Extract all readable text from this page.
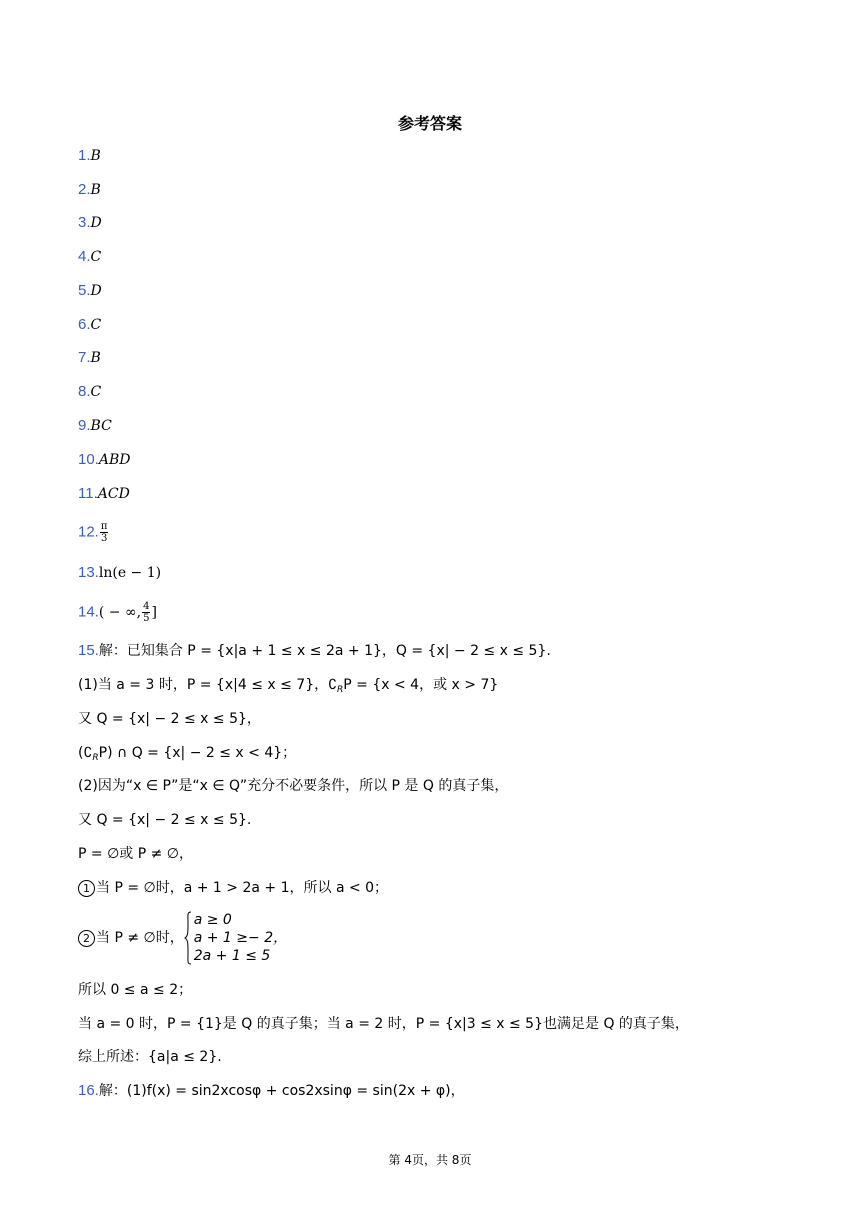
参考答案
1.B
2.B
3.D
4.C
5.D
6.C
7.B
8.C
9.BC
10.ABD
11.ACD
12. $\frac{\pi}{3}$
13.ln(e − 1)
14.( − ∞, $\frac{4}{5}$ ]
15.解：已知集合 P = {x|a + 1 ≤ x ≤ 2a + 1}，Q = {x| − 2 ≤ x ≤ 5}.
(1)当 a = 3 时，P = {x|4 ≤ x ≤ 7}，$∁_RP = \{x < 4$，或 x > 7}
又 Q = {x| − 2 ≤ x ≤ 5}，
$(∁_RP)$ ∩ Q = {x| − 2 ≤ x < 4}；
(2)因为“x ∈ P”是“x ∈ Q”充分不必要条件，所以 P 是 Q 的真子集，
又 Q = {x| − 2 ≤ x ≤ 5}.
P = ∅或 P ≠ ∅，
1 当 P = ∅时，a + 1 > 2a + 1，所以 a < 0；
2 当 P ≠ ∅时，
a ≥ 0
a + 1 ≥− 2，
2a + 1 ≤ 5
所以 0 ≤ a ≤ 2；
当 a = 0 时，P = {1}是 Q 的真子集；当 a = 2 时，P = {x|3 ≤ x ≤ 5}也满足是 Q 的真子集，
综上所述：{a|a ≤ 2}.
16.解：(1)f(x) = sin2xcosφ + cos2xsinφ = sin(2x + φ)，
第 4页，共 8页
